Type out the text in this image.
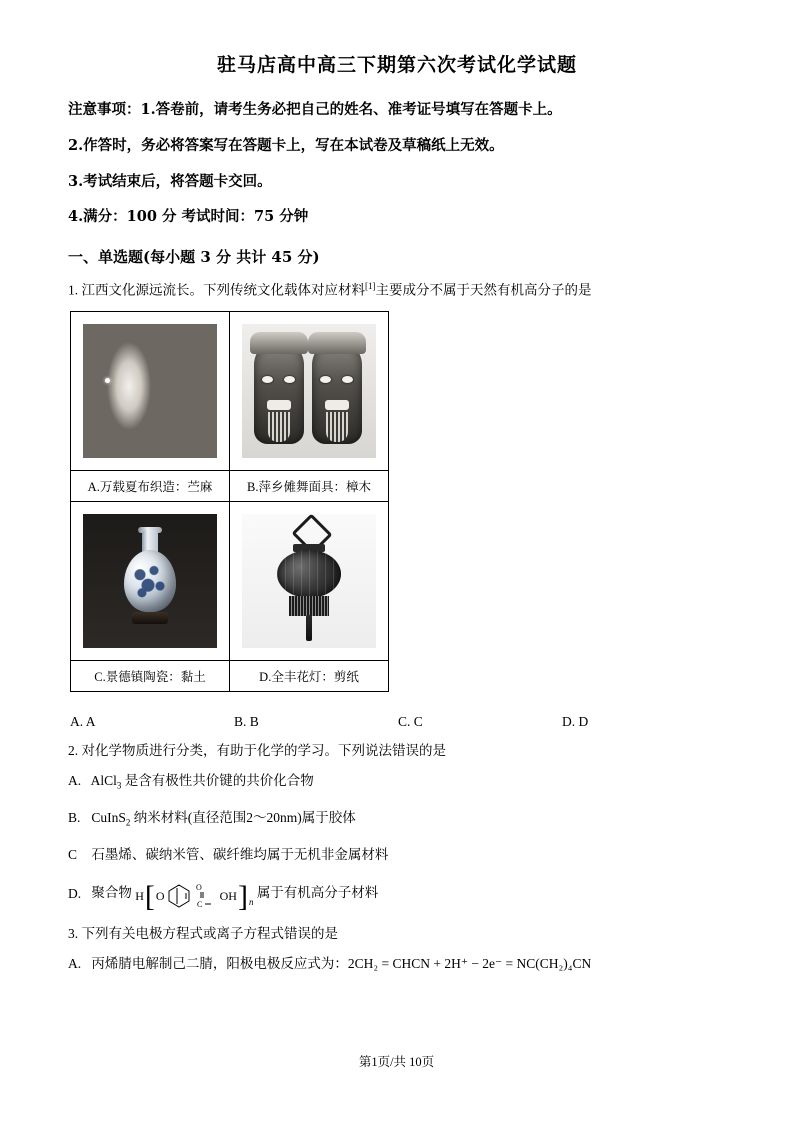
驻马店高中高三下期第六次考试化学试题
注意事项：1.答卷前，请考生务必把自己的姓名、准考证号填写在答题卡上。
2.作答时，务必将答案写在答题卡上，写在本试卷及草稿纸上无效。
3.考试结束后，将答题卡交回。
4.满分：100 分 考试时间：75 分钟
一、单选题(每小题 3 分 共计 45 分)
1. 江西文化源远流长。下列传统文化载体对应材料[1]主要成分不属于天然有机高分子的是

A.万载夏布织造：苎麻	B.萍乡傩舞面具：樟木

C.景德镇陶瓷：黏土	D.全丰花灯：剪纸
A. A	B. B	C. C	D. D
2. 对化学物质进行分类，有助于化学的学习。下列说法错误的是
A. AlCl$_3$ 是含有极性共价键的共价化合物
B. CuInS$_2$ 纳米材料(直径范围2～20nm)属于胶体
C 石墨烯、碳纳米管、碳纤维均属于无机非金属材料
D. 聚合物 H [ O
O
C
OH ] n
属于有机高分子材料
3. 下列有关电极方程式或离子方程式错误的是
A. 丙烯腈电解制己二腈，阳极电极反应式为：2CH₂ = CHCN + 2H⁺ − 2e⁻ = NC(CH₂)₄CN
第1页/共 10页
